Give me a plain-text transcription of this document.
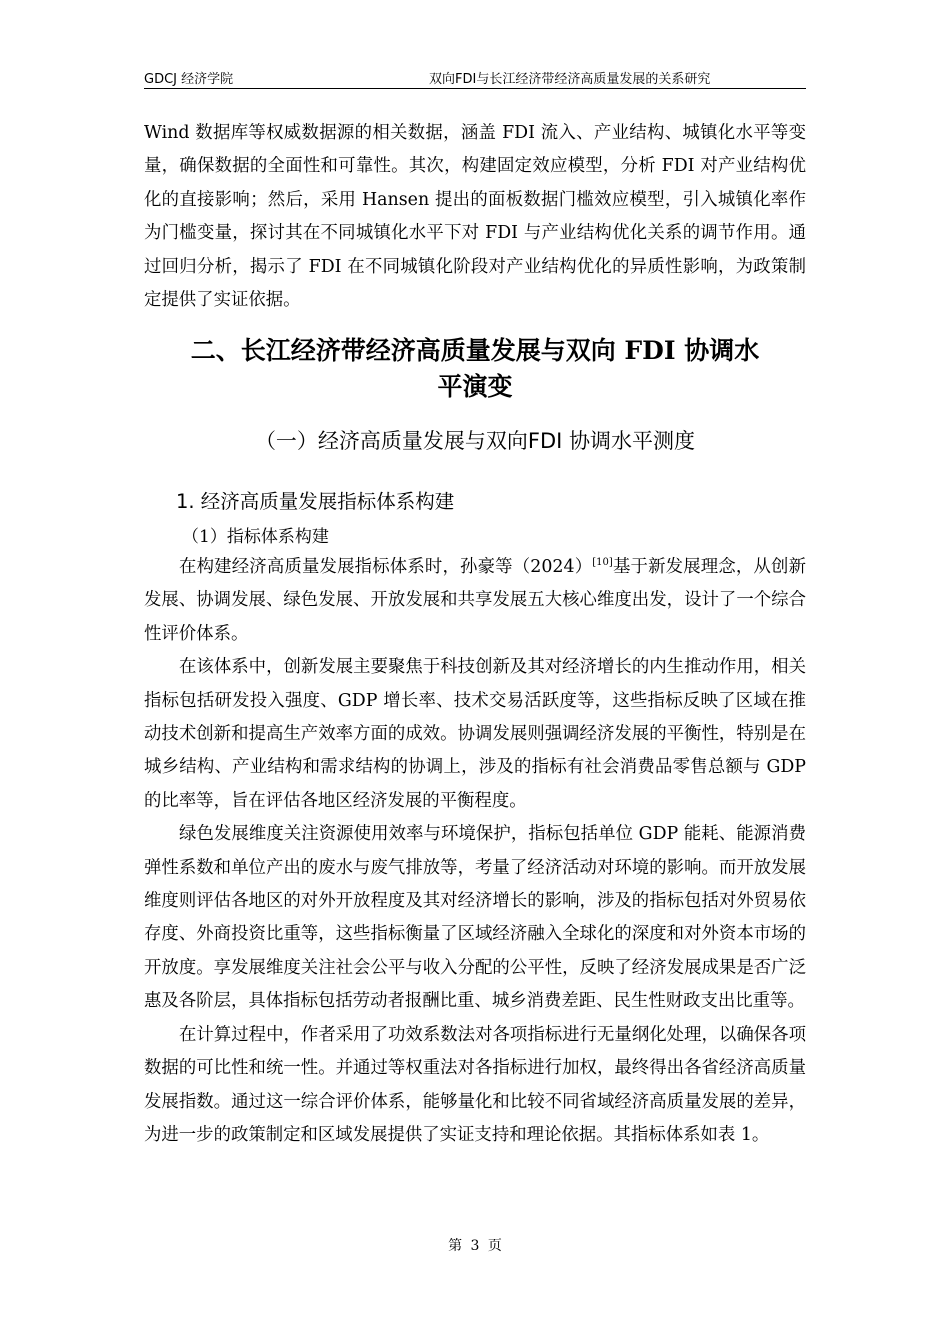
GDCJ 经济学院	双向FDI与长江经济带经济高质量发展的关系研究

Wind 数据库等权威数据源的相关数据，涵盖 FDI 流入、产业结构、城镇化水平等变量，确保数据的全面性和可靠性。其次，构建固定效应模型，分析 FDI 对产业结构优化的直接影响；然后，采用 Hansen 提出的面板数据门槛效应模型，引入城镇化率作为门槛变量，探讨其在不同城镇化水平下对 FDI 与产业结构优化关系的调节作用。通过回归分析，揭示了 FDI 在不同城镇化阶段对产业结构优化的异质性影响，为政策制定提供了实证依据。

二、长江经济带经济高质量发展与双向 FDI 协调水
平演变
（一）经济高质量发展与双向FDI 协调水平测度
1. 经济高质量发展指标体系构建
（1）指标体系构建

在构建经济高质量发展指标体系时，孙豪等（2024）[10]基于新发展理念，从创新发展、协调发展、绿色发展、开放发展和共享发展五大核心维度出发，设计了一个综合性评价体系。

在该体系中，创新发展主要聚焦于科技创新及其对经济增长的内生推动作用，相关指标包括研发投入强度、GDP 增长率、技术交易活跃度等，这些指标反映了区域在推动技术创新和提高生产效率方面的成效。协调发展则强调经济发展的平衡性，特别是在城乡结构、产业结构和需求结构的协调上，涉及的指标有社会消费品零售总额与 GDP 的比率等，旨在评估各地区经济发展的平衡程度。

绿色发展维度关注资源使用效率与环境保护，指标包括单位 GDP 能耗、能源消费弹性系数和单位产出的废水与废气排放等，考量了经济活动对环境的影响。而开放发展维度则评估各地区的对外开放程度及其对经济增长的影响，涉及的指标包括对外贸易依存度、外商投资比重等，这些指标衡量了区域经济融入全球化的深度和对外资本市场的开放度。享发展维度关注社会公平与收入分配的公平性，反映了经济发展成果是否广泛惠及各阶层，具体指标包括劳动者报酬比重、城乡消费差距、民生性财政支出比重等。

在计算过程中，作者采用了功效系数法对各项指标进行无量纲化处理，以确保各项数据的可比性和统一性。并通过等权重法对各指标进行加权，最终得出各省经济高质量发展指数。通过这一综合评价体系，能够量化和比较不同省域经济高质量发展的差异，为进一步的政策制定和区域发展提供了实证支持和理论依据。其指标体系如表 1。

第 3 页
